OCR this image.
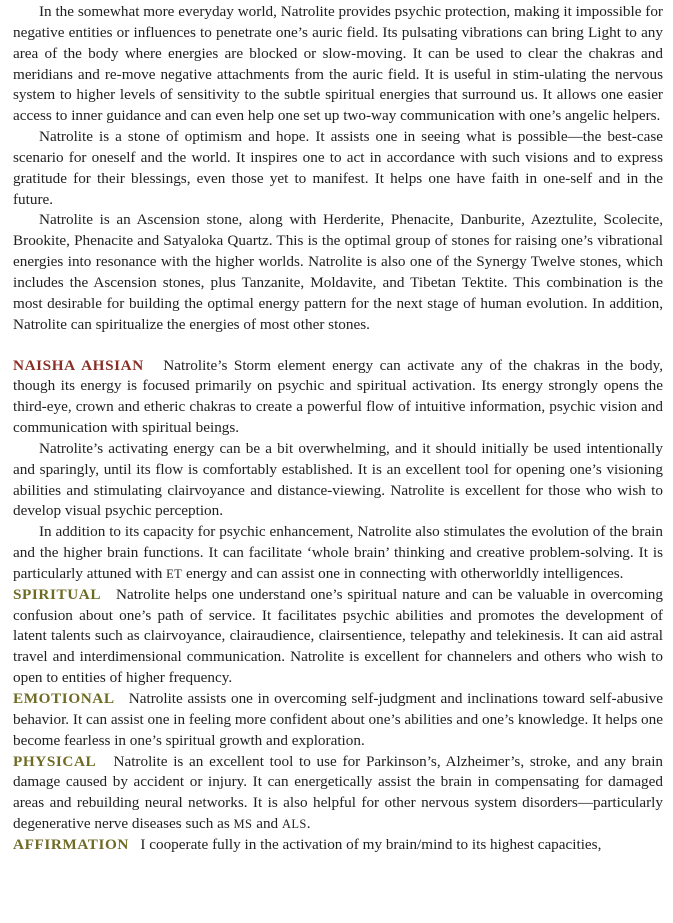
In the somewhat more everyday world, Natrolite provides psychic protection, making it impossible for negative entities or influences to penetrate one’s auric field. Its pulsating vibrations can bring Light to any area of the body where energies are blocked or slow-moving. It can be used to clear the chakras and meridians and re-move negative attachments from the auric field. It is useful in stim-ulating the nervous system to higher levels of sensitivity to the subtle spiritual energies that surround us. It allows one easier access to inner guidance and can even help one set up two-way communication with one’s angelic helpers.

Natrolite is a stone of optimism and hope. It assists one in seeing what is possible—the best-case scenario for oneself and the world. It inspires one to act in accordance with such visions and to express gratitude for their blessings, even those yet to manifest. It helps one have faith in one-self and in the future.

Natrolite is an Ascension stone, along with Herderite, Phenacite, Danburite, Azeztulite, Scolecite, Brookite, Phenacite and Satyaloka Quartz. This is the optimal group of stones for raising one’s vibrational energies into resonance with the higher worlds. Natrolite is also one of the Synergy Twelve stones, which includes the Ascension stones, plus Tanzanite, Moldavite, and Tibetan Tektite. This combination is the most desirable for building the optimal energy pattern for the next stage of human evolution. In addition, Natrolite can spiritualize the energies of most other stones.

NAISHA AHSIAN Natrolite’s Storm element energy can activate any of the chakras in the body, though its energy is focused primarily on psychic and spiritual activation. Its energy strongly opens the third-eye, crown and etheric chakras to create a powerful flow of intuitive information, psychic vision and communication with spiritual beings.

Natrolite’s activating energy can be a bit overwhelming, and it should initially be used intentionally and sparingly, until its flow is comfortably established. It is an excellent tool for opening one’s visioning abilities and stimulating clairvoyance and distance-viewing. Natrolite is excellent for those who wish to develop visual psychic perception.

In addition to its capacity for psychic enhancement, Natrolite also stimulates the evolution of the brain and the higher brain functions. It can facilitate ‘whole brain’ thinking and creative problem-solving. It is particularly attuned with ET energy and can assist one in connecting with otherworldly intelligences.

SPIRITUAL Natrolite helps one understand one’s spiritual nature and can be valuable in overcoming confusion about one’s path of service. It facilitates psychic abilities and promotes the development of latent talents such as clairvoyance, clairaudience, clairsentience, telepathy and telekinesis. It can aid astral travel and interdimensional communication. Natrolite is excellent for channelers and others who wish to open to entities of higher frequency.

EMOTIONAL Natrolite assists one in overcoming self-judgment and inclinations toward self-abusive behavior. It can assist one in feeling more confident about one’s abilities and one’s knowledge. It helps one become fearless in one’s spiritual growth and exploration.

PHYSICAL Natrolite is an excellent tool to use for Parkinson’s, Alzheimer’s, stroke, and any brain damage caused by accident or injury. It can energetically assist the brain in compensating for damaged areas and rebuilding neural networks. It is also helpful for other nervous system disorders—particularly degenerative nerve diseases such as MS and ALS.

AFFIRMATION I cooperate fully in the activation of my brain/mind to its highest capacities,
